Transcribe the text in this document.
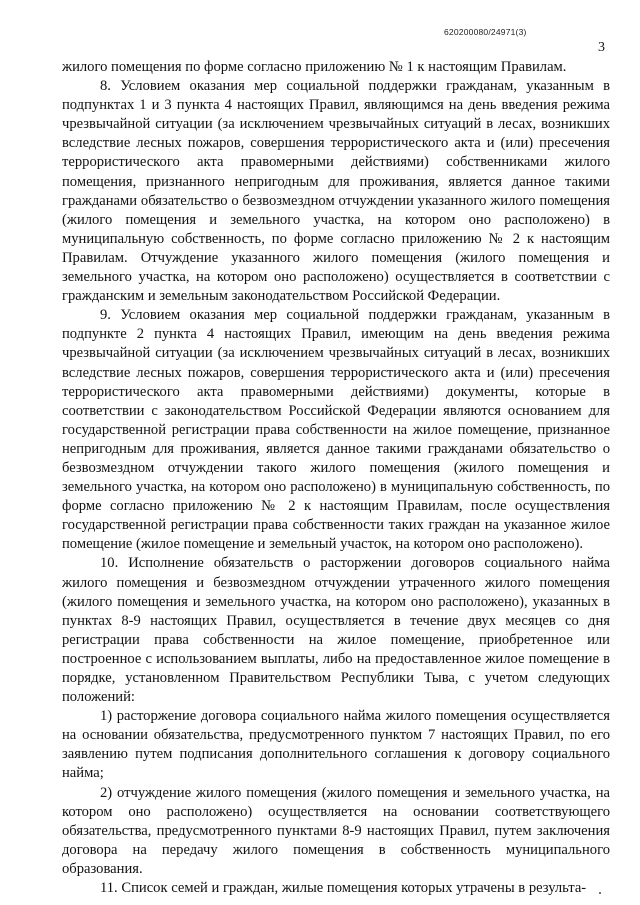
620200080/24971(3)
3

жилого помещения по форме согласно приложению № 1 к настоящим Правилам.

8. Условием оказания мер социальной поддержки гражданам, указанным в подпунктах 1 и 3 пункта 4 настоящих Правил, являющимся на день введения режима чрезвычайной ситуации (за исключением чрезвычайных ситуаций в лесах, возникших вследствие лесных пожаров, совершения террористического акта и (или) пресечения террористического акта правомерными действиями) собственниками жилого помещения, признанного непригодным для проживания, является данное такими гражданами обязательство о безвозмездном отчуждении указанного жилого помещения (жилого помещения и земельного участка, на котором оно расположено) в муниципальную собственность, по форме согласно приложению № 2 к настоящим Правилам. Отчуждение указанного жилого помещения (жилого помещения и земельного участка, на котором оно расположено) осуществляется в соответствии с гражданским и земельным законодательством Российской Федерации.

9. Условием оказания мер социальной поддержки гражданам, указанным в подпункте 2 пункта 4 настоящих Правил, имеющим на день введения режима чрезвычайной ситуации (за исключением чрезвычайных ситуаций в лесах, возникших вследствие лесных пожаров, совершения террористического акта и (или) пресечения террористического акта правомерными действиями) документы, которые в соответствии с законодательством Российской Федерации являются основанием для государственной регистрации права собственности на жилое помещение, признанное непригодным для проживания, является данное такими гражданами обязательство о безвозмездном отчуждении такого жилого помещения (жилого помещения и земельного участка, на котором оно расположено) в муниципальную собственность, по форме согласно приложению № 2 к настоящим Правилам, после осуществления государственной регистрации права собственности таких граждан на указанное жилое помещение (жилое помещение и земельный участок, на котором оно расположено).

10. Исполнение обязательств о расторжении договоров социального найма жилого помещения и безвозмездном отчуждении утраченного жилого помещения (жилого помещения и земельного участка, на котором оно расположено), указанных в пунктах 8-9 настоящих Правил, осуществляется в течение двух месяцев со дня регистрации права собственности на жилое помещение, приобретенное или построенное с использованием выплаты, либо на предоставленное жилое помещение в порядке, установленном Правительством Республики Тыва, с учетом следующих положений:

1) расторжение договора социального найма жилого помещения осуществляется на основании обязательства, предусмотренного пунктом 7 настоящих Правил, по его заявлению путем подписания дополнительного соглашения к договору социального найма;

2) отчуждение жилого помещения (жилого помещения и земельного участка, на котором оно расположено) осуществляется на основании соответствующего обязательства, предусмотренного пунктами 8-9 настоящих Правил, путем заключения договора на передачу жилого помещения в собственность муниципального образования.

11. Список семей и граждан, жилые помещения которых утрачены в результа-
